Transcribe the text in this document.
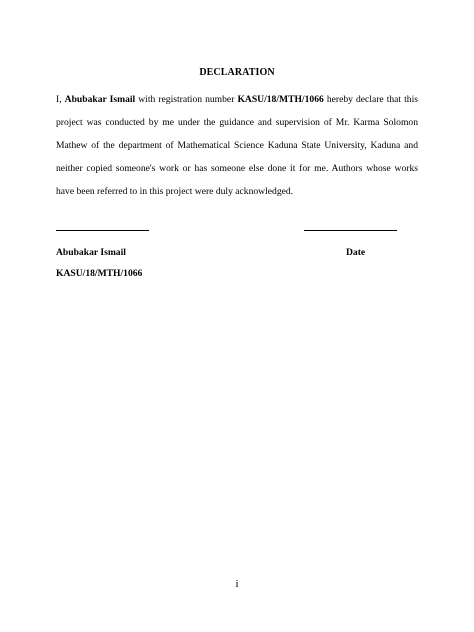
DECLARATION

I, Abubakar Ismail with registration number KASU/18/MTH/1066 hereby declare that this project was conducted by me under the guidance and supervision of Mr. Karma Solomon Mathew of the department of Mathematical Science Kaduna State University, Kaduna and neither copied someone's work or has someone else done it for me. Authors whose works have been referred to in this project were duly acknowledged.

Abubakar Ismail	Date
KASU/18/MTH/1066
i
